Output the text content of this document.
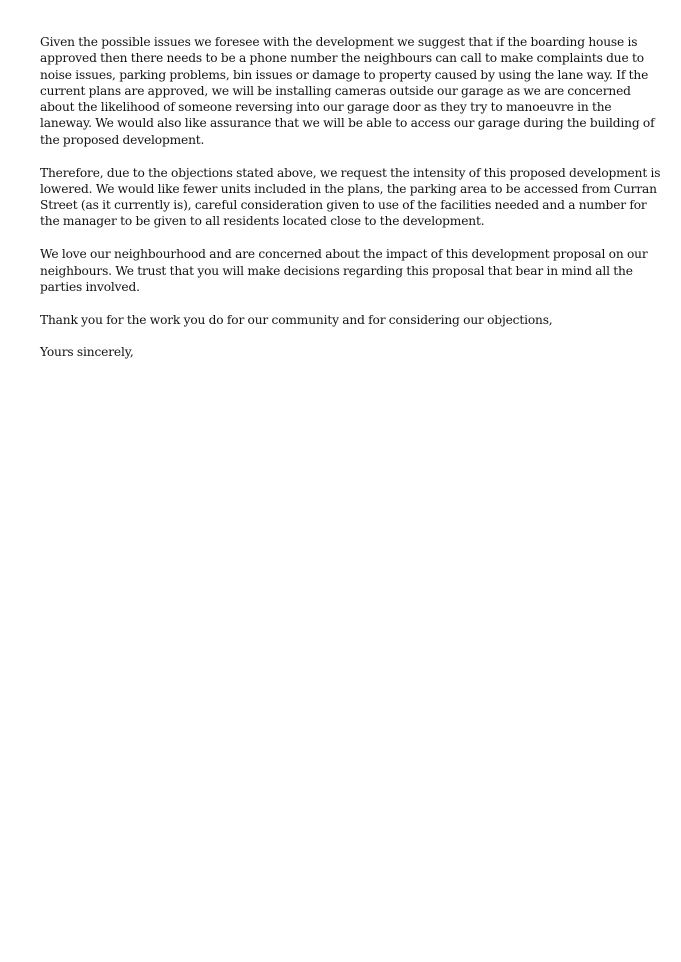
Given the possible issues we foresee with the development we suggest that if the boarding house is
approved then there needs to be a phone number the neighbours can call to make complaints due to
noise issues, parking problems, bin issues or damage to property caused by using the lane way. If the
current plans are approved, we will be installing cameras outside our garage as we are concerned
about the likelihood of someone reversing into our garage door as they try to manoeuvre in the
laneway. We would also like assurance that we will be able to access our garage during the building of
the proposed development.

Therefore, due to the objections stated above, we request the intensity of this proposed development is
lowered. We would like fewer units included in the plans, the parking area to be accessed from Curran
Street (as it currently is), careful consideration given to use of the facilities needed and a number for
the manager to be given to all residents located close to the development.

We love our neighbourhood and are concerned about the impact of this development proposal on our
neighbours. We trust that you will make decisions regarding this proposal that bear in mind all the
parties involved.

Thank you for the work you do for our community and for considering our objections,

Yours sincerely,
